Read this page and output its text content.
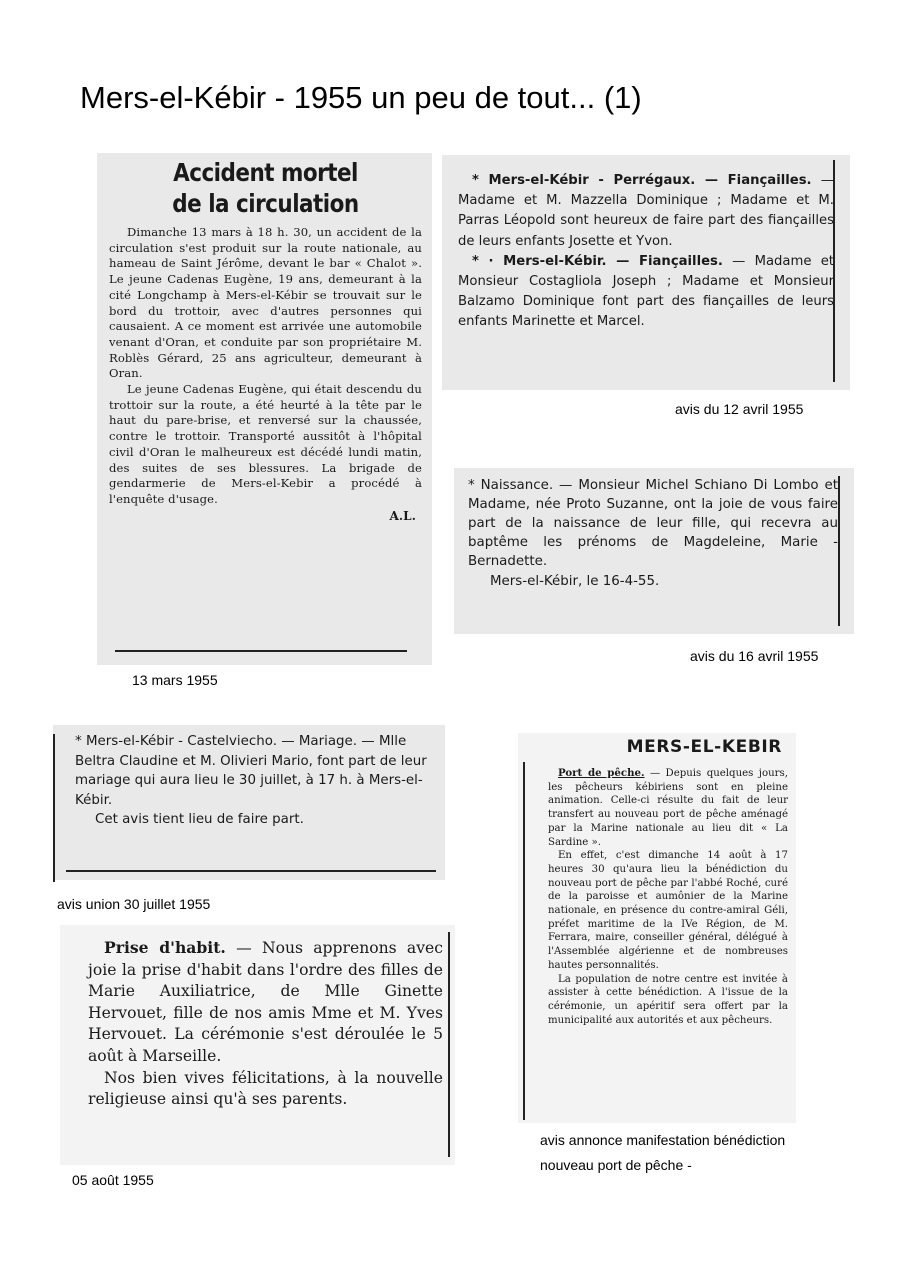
Mers-el-Kébir - 1955 un peu de tout... (1)
Accident mortel
de la circulation

Dimanche 13 mars à 18 h. 30, un accident de la circulation s'est produit sur la route nationale, au hameau de Saint Jérôme, devant le bar « Chalot ». Le jeune Cadenas Eugène, 19 ans, demeurant à la cité Longchamp à Mers-el-Kébir se trouvait sur le bord du trottoir, avec d'autres personnes qui causaient. A ce moment est arrivée une automobile venant d'Oran, et conduite par son propriétaire M. Roblès Gérard, 25 ans agriculteur, demeurant à Oran.

Le jeune Cadenas Eugène, qui était descendu du trottoir sur la route, a été heurté à la tête par le haut du pare-brise, et renversé sur la chaussée, contre le trottoir. Transporté aussitôt à l'hôpital civil d'Oran le malheureux est décédé lundi matin, des suites de ses blessures. La brigade de gendarmerie de Mers-el-Kebir a procédé à l'enquête d'usage.

A.L.
13 mars 1955

* Mers-el-Kébir - Perrégaux. — Fiançailles. — Madame et M. Mazzella Dominique ; Madame et M. Parras Léopold sont heureux de faire part des fiançailles de leurs enfants Josette et Yvon.

* · Mers-el-Kébir. — Fiançailles. — Madame et Monsieur Costagliola Joseph ; Madame et Monsieur Balzamo Dominique font part des fiançailles de leurs enfants Marinette et Marcel.

avis du 12 avril 1955

* Naissance. — Monsieur Michel Schiano Di Lombo et Madame, née Proto Suzanne, ont la joie de vous faire part de la naissance de leur fille, qui recevra au baptême les prénoms de Magdeleine, Marie - Bernadette.

Mers-el-Kébir, le 16-4-55.

avis du 16 avril 1955

* Mers-el-Kébir - Castelviecho. — Mariage. — Mlle Beltra Claudine et M. Olivieri Mario, font part de leur mariage qui aura lieu le 30 juillet, à 17 h. à Mers-el-Kébir.

Cet avis tient lieu de faire part.

avis union 30 juillet 1955
MERS-EL-KEBIR

Port de pêche. — Depuis quelques jours, les pêcheurs kébiriens sont en pleine animation. Celle-ci résulte du fait de leur transfert au nouveau port de pêche aménagé par la Marine nationale au lieu dit « La Sardine ».

En effet, c'est dimanche 14 août à 17 heures 30 qu'aura lieu la bénédiction du nouveau port de pêche par l'abbé Roché, curé de la paroisse et aumônier de la Marine nationale, en présence du contre-amiral Géli, préfet maritime de la IVe Région, de M. Ferrara, maire, conseiller général, délégué à l'Assemblée algérienne et de nombreuses hautes personnalités.

La population de notre centre est invitée à assister à cette bénédiction. A l'issue de la cérémonie, un apéritif sera offert par la municipalité aux autorités et aux pêcheurs.

avis annonce manifestation bénédiction
nouveau port de pêche -

Prise d'habit. — Nous apprenons avec joie la prise d'habit dans l'ordre des filles de Marie Auxiliatrice, de Mlle Ginette Hervouet, fille de nos amis Mme et M. Yves Hervouet. La cérémonie s'est déroulée le 5 août à Marseille.

Nos bien vives félicitations, à la nouvelle religieuse ainsi qu'à ses parents.

05 août 1955
